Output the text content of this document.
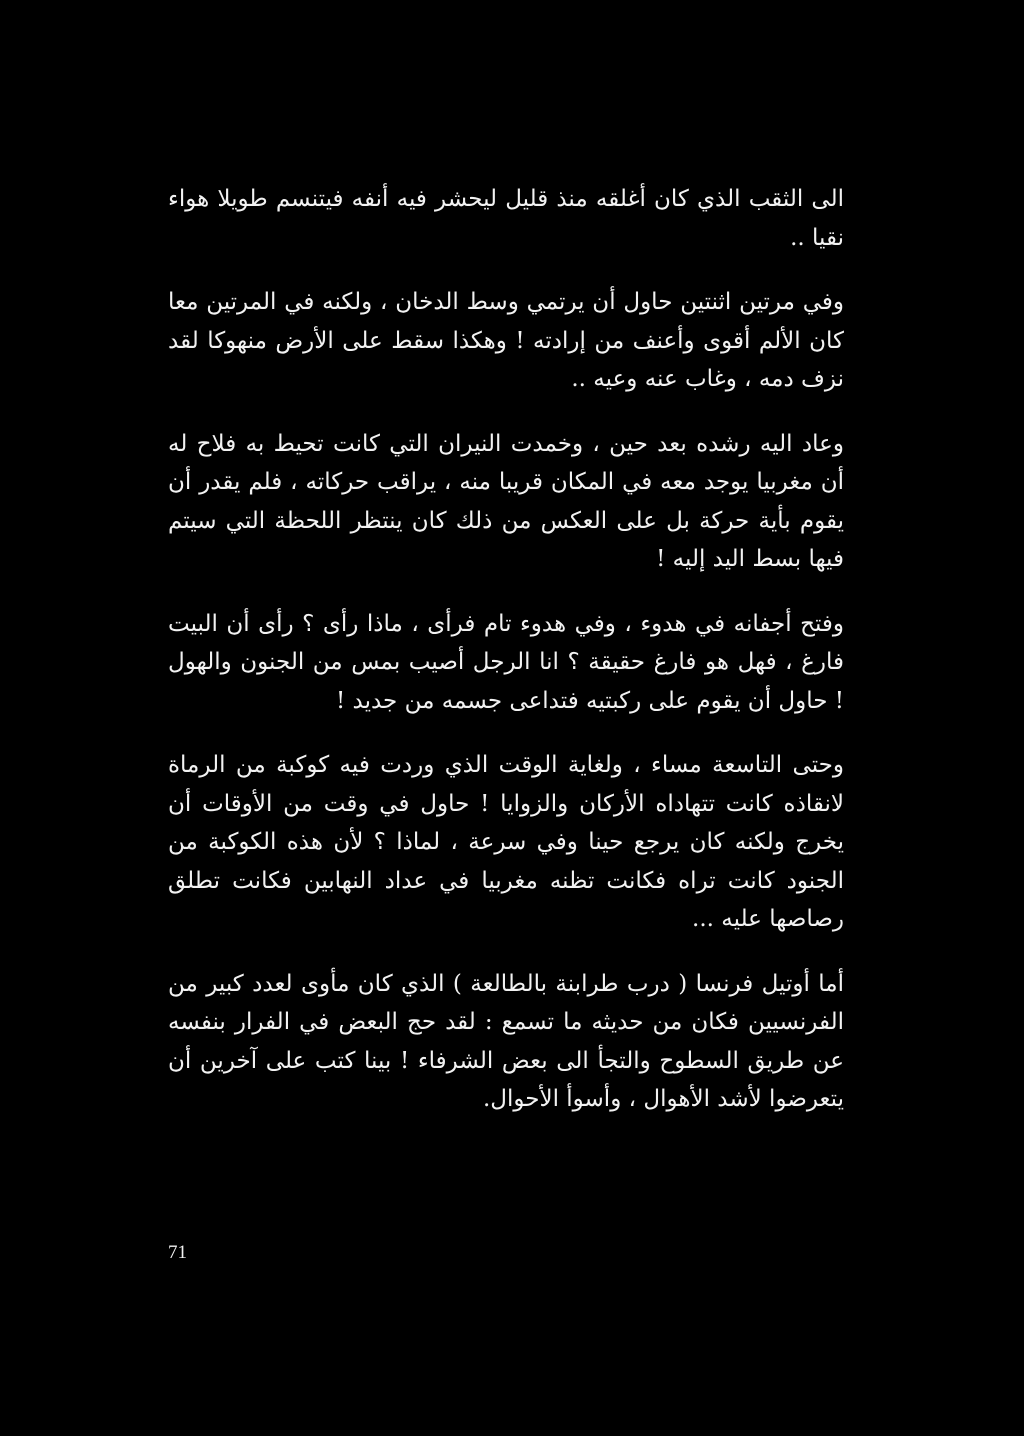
الى الثقب الذي كان أغلقه منذ قليل ليحشر فيه أنفه فيتنسم طويلا هواء نقيا ..

وفي مرتين اثنتين حاول أن يرتمي وسط الدخان ، ولكنه في المرتين معا كان الألم أقوى وأعنف من إرادته ! وهكذا سقط على الأرض منهوكا لقد نزف دمه ، وغاب عنه وعيه ..

وعاد اليه رشده بعد حين ، وخمدت النيران التي كانت تحيط به فلاح له أن مغربيا يوجد معه في المكان قريبا منه ، يراقب حركاته ، فلم يقدر أن يقوم بأية حركة بل على العكس من ذلك كان ينتظر اللحظة التي سيتم فيها بسط اليد إليه !

وفتح أجفانه في هدوء ، وفي هدوء تام فرأى ، ماذا رأى ؟ رأى أن البيت فارغ ، فهل هو فارغ حقيقة ؟ انا الرجل أصيب بمس من الجنون والهول ! حاول أن يقوم على ركبتيه فتداعى جسمه من جديد !

وحتى التاسعة مساء ، ولغاية الوقت الذي وردت فيه كوكبة من الرماة لانقاذه كانت تتهاداه الأركان والزوايا ! حاول في وقت من الأوقات أن يخرج ولكنه كان يرجع حينا وفي سرعة ، لماذا ؟ لأن هذه الكوكبة من الجنود كانت تراه فكانت تظنه مغربيا في عداد النهابين فكانت تطلق رصاصها عليه ...

أما أوتيل فرنسا ( درب طرابنة بالطالعة ) الذي كان مأوى لعدد كبير من الفرنسيين فكان من حديثه ما تسمع : لقد حج البعض في الفرار بنفسه عن طريق السطوح والتجأ الى بعض الشرفاء ! بينا كتب على آخرين أن يتعرضوا لأشد الأهوال ، وأسوأ الأحوال.

71
